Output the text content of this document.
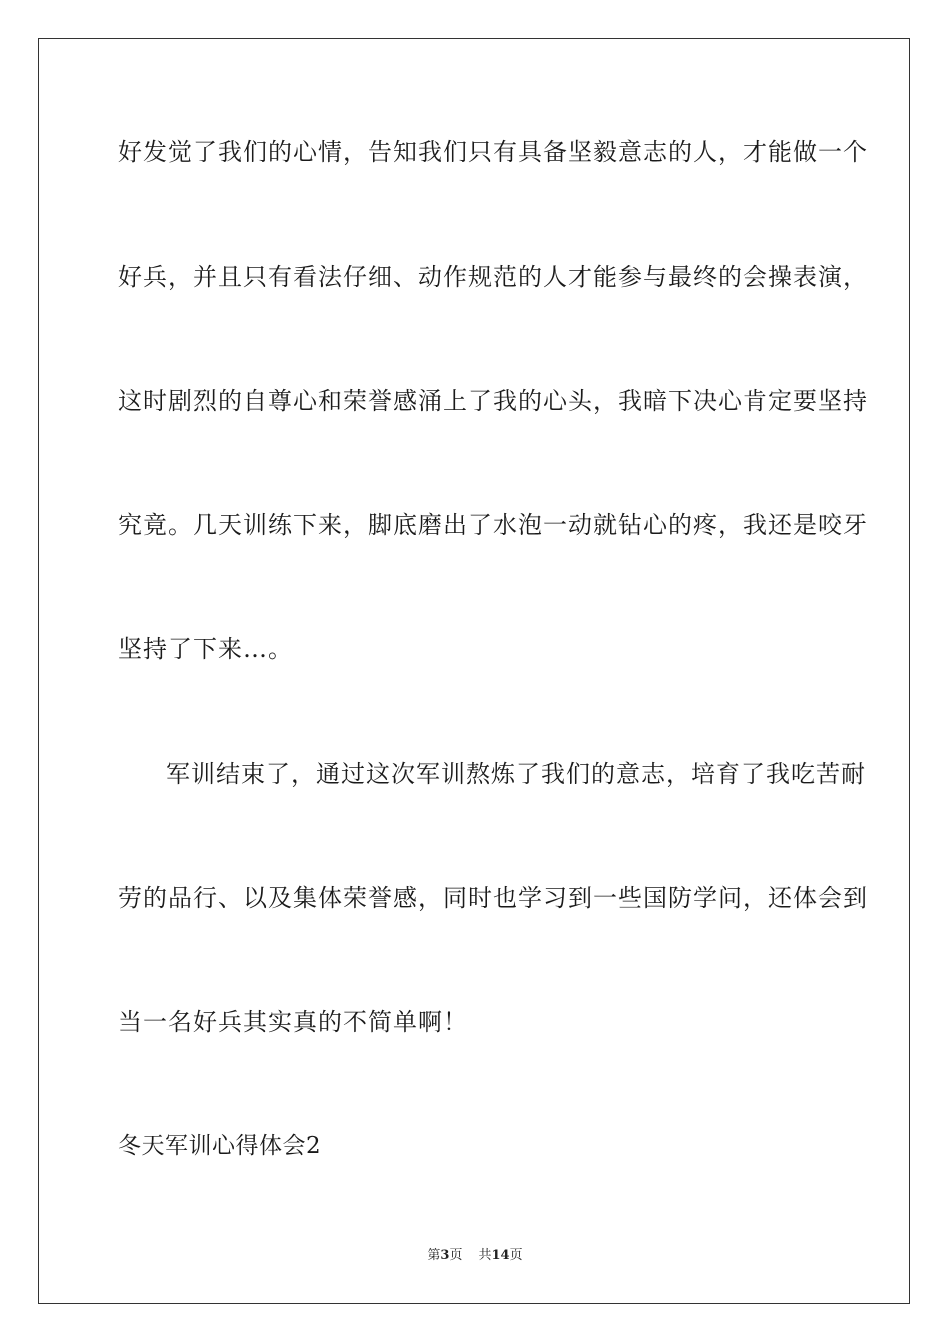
好发觉了我们的心情，告知我们只有具备坚毅意志的人，才能做一个
好兵，并且只有看法仔细、动作规范的人才能参与最终的会操表演，
这时剧烈的自尊心和荣誉感涌上了我的心头，我暗下决心肯定要坚持
究竟。几天训练下来，脚底磨出了水泡一动就钻心的疼，我还是咬牙
坚持了下来…。
军训结束了，通过这次军训熬炼了我们的意志，培育了我吃苦耐
劳的品行、以及集体荣誉感，同时也学习到一些国防学问，还体会到
当一名好兵其实真的不简单啊！
冬天军训心得体会2
第3页 共14页
